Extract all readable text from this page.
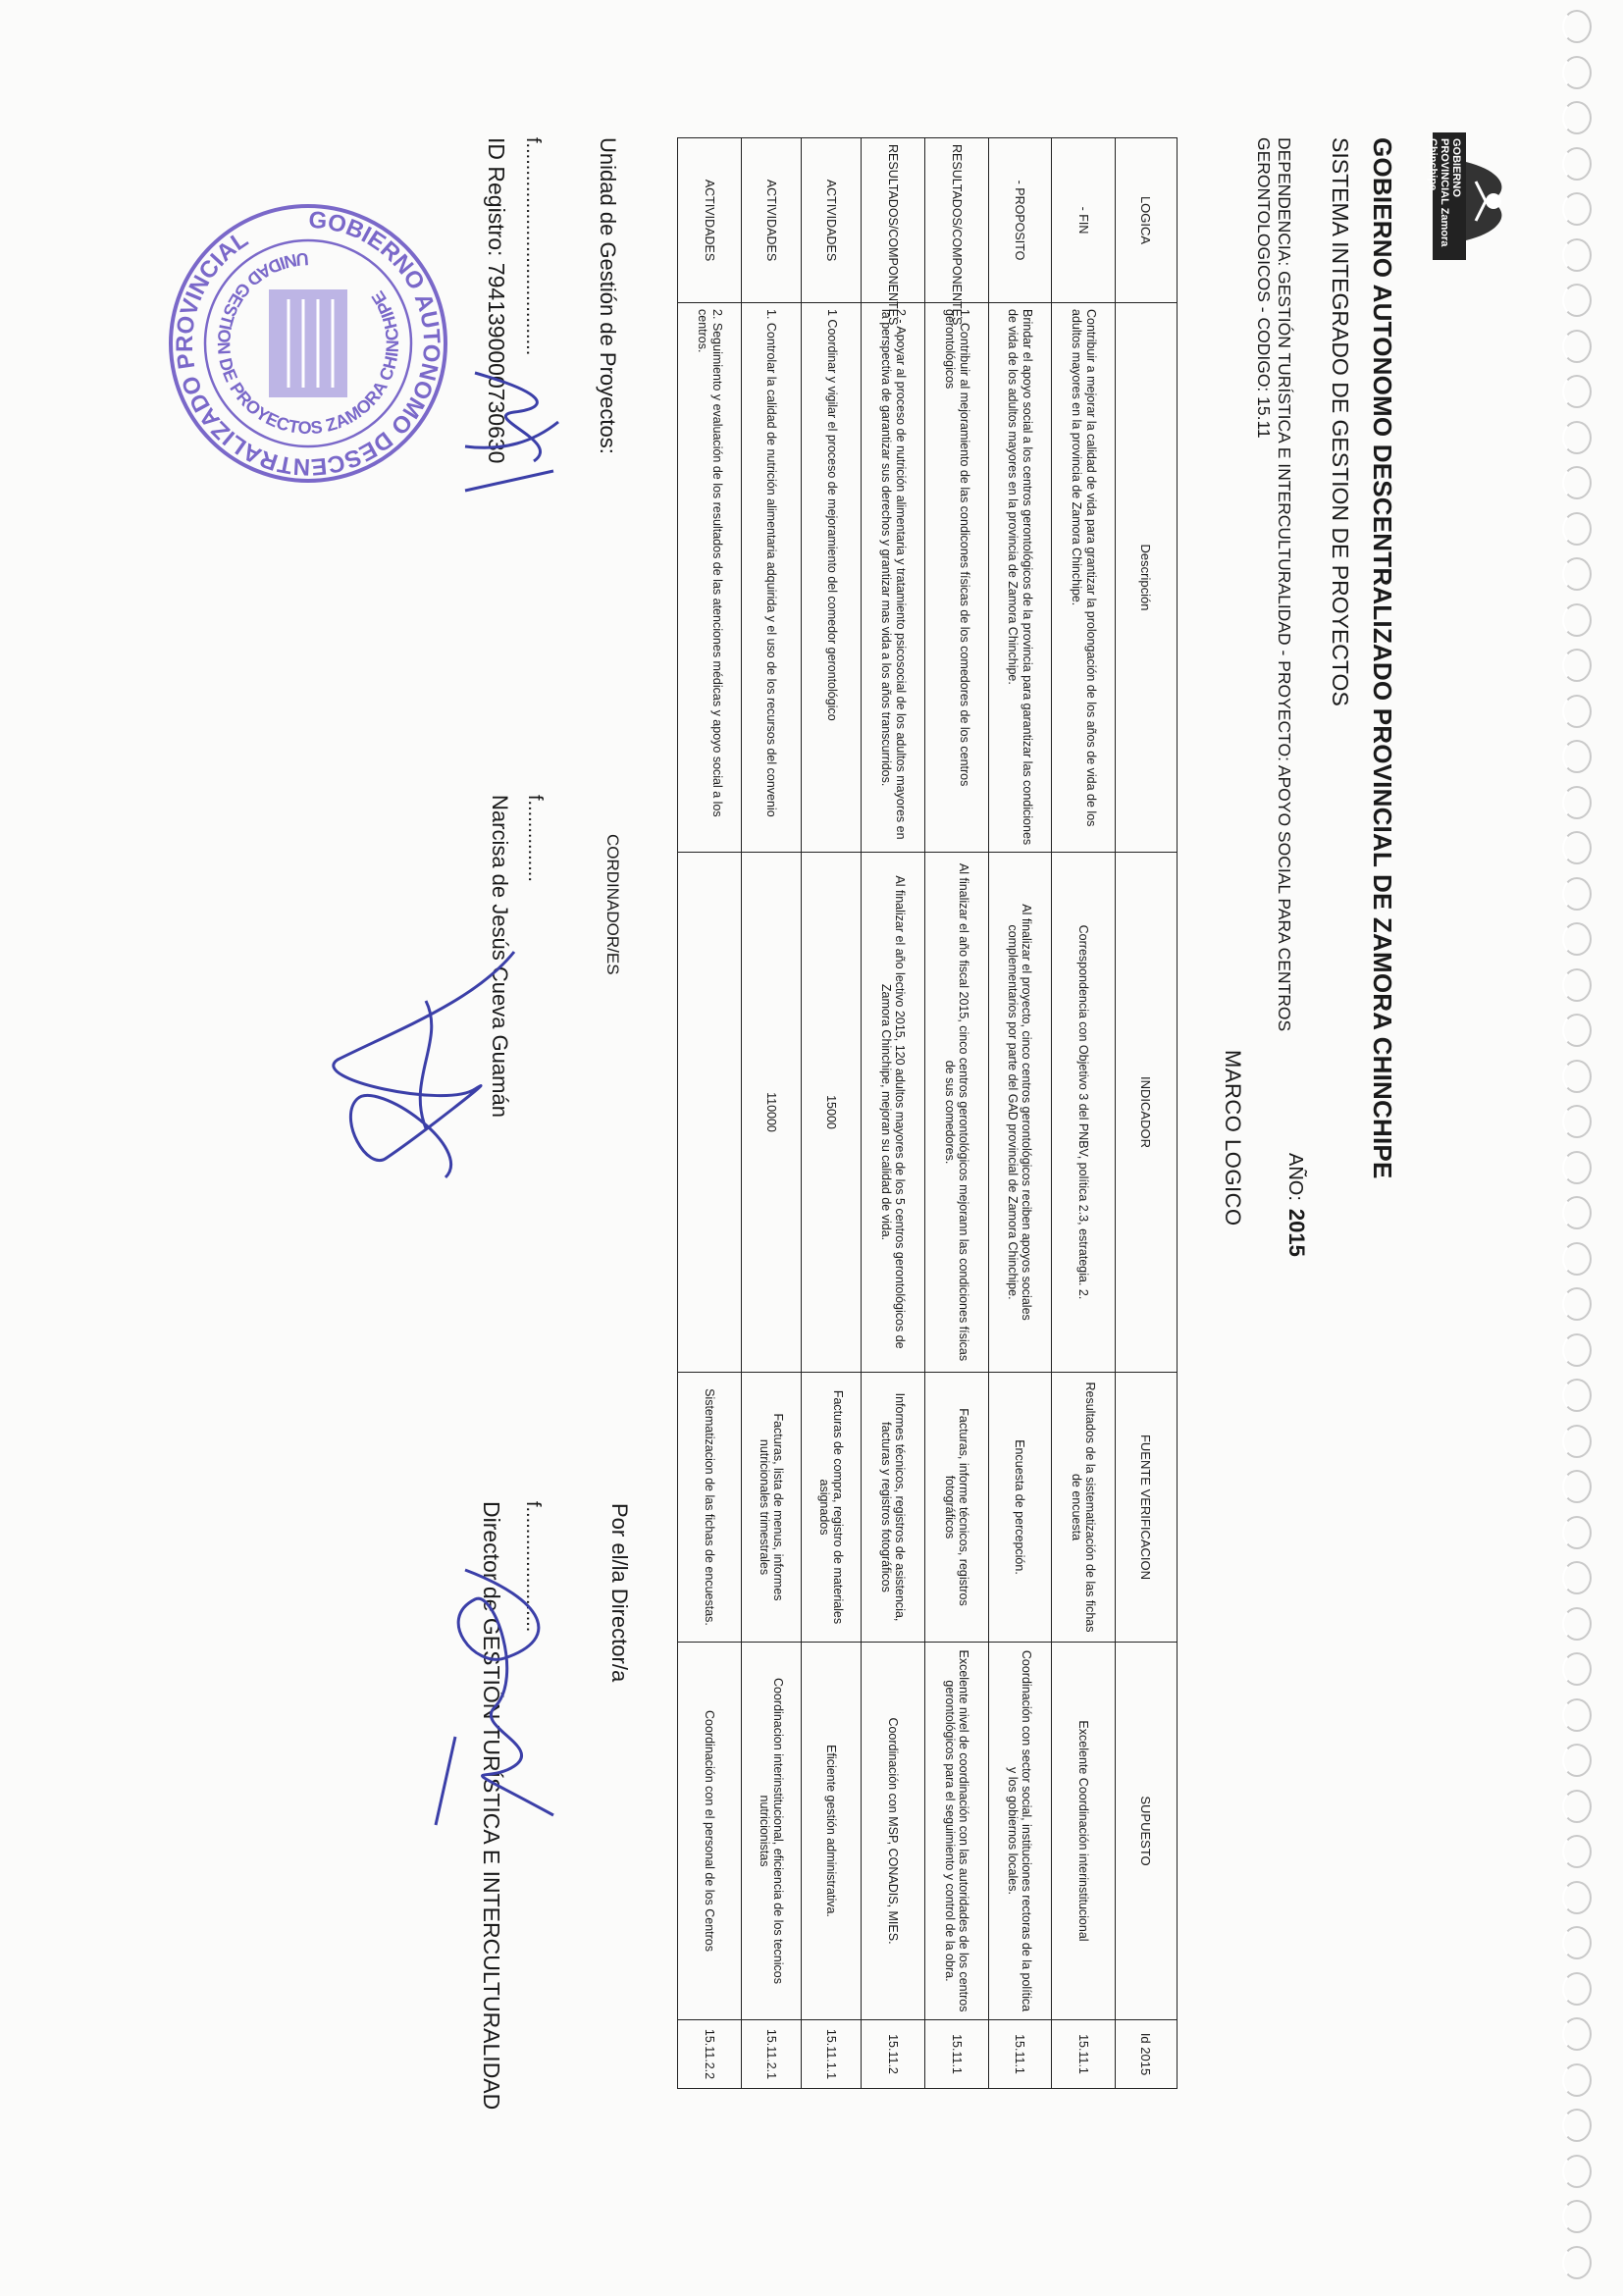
GOBIERNO PROVINCIAL Zamora Chinchipe
GOBIERNO AUTONOMO DESCENTRALIZADO PROVINCIAL DE ZAMORA CHINCHIPE
SISTEMA INTEGRADO DE GESTION DE PROYECTOS
DEPENDENCIA: GESTIÓN TURÍSTICA E INTERCULTURALIDAD - PROYECTO: APOYO SOCIAL PARA CENTROS
GERONTOLOGICOS - CODIGO: 15.11
AÑO:2015
MARCO LOGICO
LOGICA	Descripción	INDICADOR	FUENTE VERIFICACION	SUPUESTO	Id 2015
- FIN	Contribuir a mejorar la calidad de vida para grantizar la prolongación de los años de vida de los adultos mayores en la provincia de Zamora Chinchipe.	Correspondencia con Objetivo 3 del PNBV, política 2.3, estrategia. 2.	Resultados de la sistematización de las fichas de encuesta	Excelente Coordinación interinstitucional	15.11.1
- PROPOSITO	Brindar el apoyo social a los centros gerontológicos de la provincia para garantizar las condiciones de vida de los adultos mayores en la provincia de Zamora Chinchipe.	Al finalizar el proyecto, cinco centros gerontológicos reciben apoyos sociales complementarios por parte del GAD provincial de Zamora Chinchipe.	Encuesta de percepción.	Coordinación con sector social, instituciones rectoras de la política y los gobiernos locales.	15.11.1
RESULTADOS/COMPONENTES	1. Contribuir al mejoramiento de las condicones físicas de los comedores de los centros gerontológicos	Al finalizar el año fiscal 2015, cinco centros gerontológicos mejorann las condiciones físicas de sus comedores.	Facturas, informe técnicos, registros fotográficos	Excelente nivel de coordinación con las autoridades de los centros gerontológicos para el seguimiento y control de la obra.	15.11.1
RESULTADOS/COMPONENTES	2.- Apoyar al proceso de nutrición alimentaria y tratamiento psicosocial de los adultos mayores en la perspectiva de garantizar sus derechos y grantizar mas vida a los años transcurridos.	Al finalizar el año lectivo 2015, 120 adultos mayores de los 5 centros gerontológicos de Zamora Chinchipe, mejoran su calidad de vida.	Informes técnicos, registros de asistencia, facturas y registros fotográficos	Coordinación con MSP, CONADIS, MIES.	15.11.2
ACTIVIDADES	1 Coordinar y vigilar el proceso de mejoramiento del comedor gerontológico	15000	Facturas de compra, registro de materiales asignados	Eficiente gestión administrativa.	15.11.1.1
ACTIVIDADES	1. Controlar la calidad de nutrición alimentaria adquirida y el uso de los recursos del convenio	110000	Facturas, lista de menus, informes nutricionales trimestrales	Coordinacion interinstitucional, eficiencia de los tecnicos nutricionistas	15.11.2.1
ACTIVIDADES	2. Seguimiento y evaluación de los resultados de las atenciones médicas y apoyo social a los centros.		Sistematizacion de las fichas de encuestas.	Coordinación con el personal de los Centros	15.11.2.2
Unidad de Gestión de Proyectos:
CORDINADOR/ES
Por el/la Director/a
f.......................................
f...............
f.......................
ID Registro: 7941390000730630
Narcisa de Jesús Cueva Guamán
Director de GESTIÓN TURÍSTICA E INTERCULTURALIDAD
GOBIERNO AUTONOMO DESCENTRALIZADO PROVINCIAL
UNIDAD GESTION DE PROYECTOS ZAMORA CHINCHIPE
